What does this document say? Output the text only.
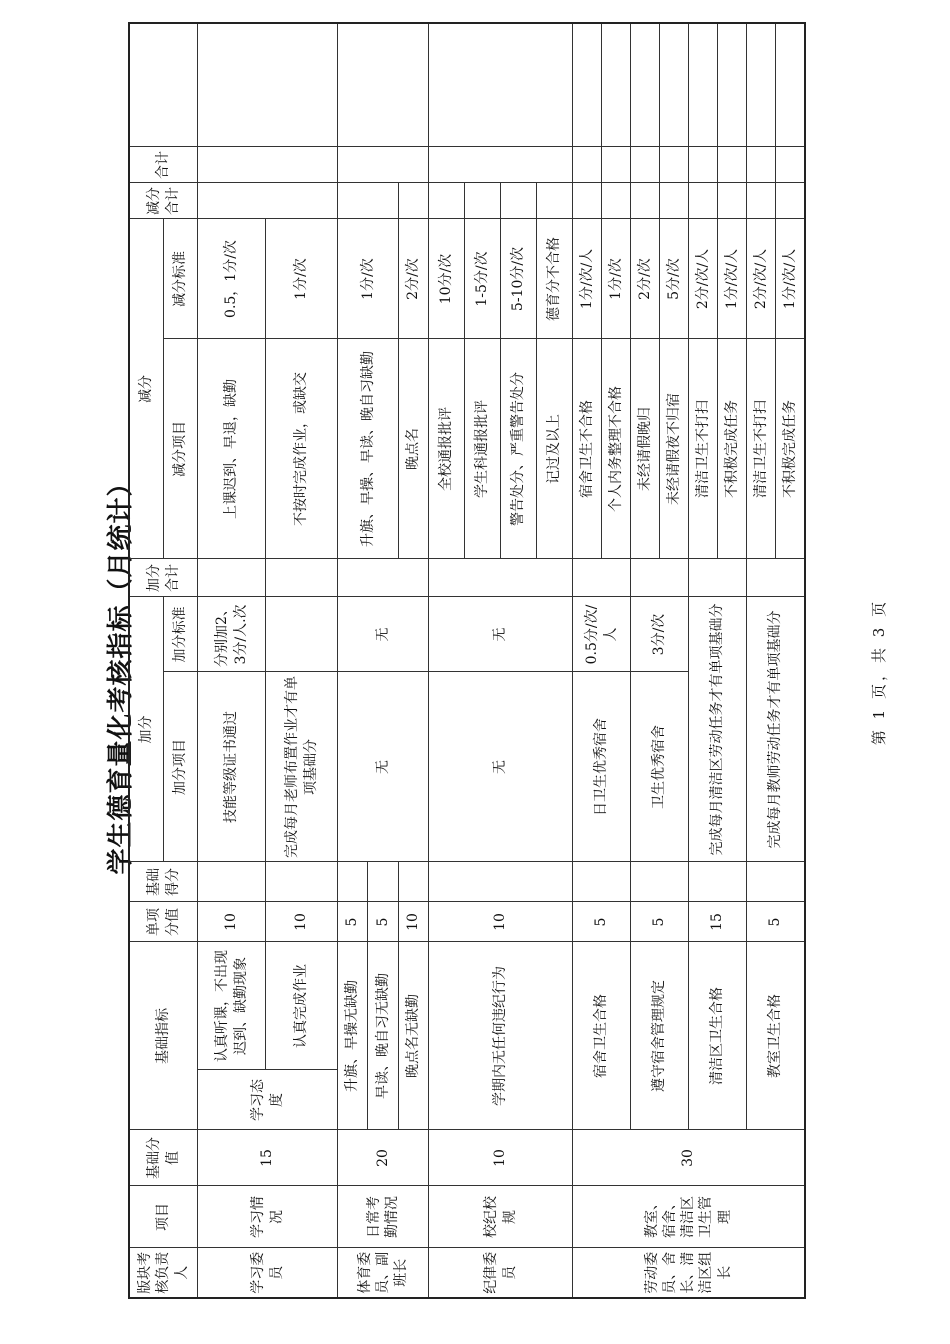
学生德育量化考核指标（月统计）
版块考核负责人	项目	基础分值	基础指标		单项分值	基础得分	加分		加分合计	减分		减分合计	合计	
							加分项目	加分标准		减分项目	减分标准			
学习委员	学习情况	15	学习态度	认真听课，不出现迟到、缺勤现象	10		技能等级证书通过	分别加2、3分/人.次		上课迟到、早退，缺勤	0.5，1分/次			
				认真完成作业	10		完成每月老师布置作业才有单项基础分			不按时完成作业，或缺交	1分/次			
体育委员、副班长	日常考勤情况	20	升旗、早操无缺勤		5		无	无		升旗、早操、早读、晚自习缺勤	1分/次			
			早读、晚自习无缺勤		5									
			晚点名无缺勤		10					晚点名	2分/次			
纪律委员	校纪校规	10	学期内无任何违纪行为		10		无	无		全校通报批评	10分/次			
										学生科通报批评	1-5分/次			
										警告处分、严重警告处分	5-10分/次			
										记过及以上	德育分不合格			
劳动委员、舍长、清洁区组长	教室、宿舍、清洁区卫生管理	30	宿舍卫生合格		5		日卫生优秀宿舍	0.5分/次/人		宿舍卫生不合格	1分/次/人			
										个人内务整理不合格	1分/次			
			遵守宿舍管理规定		5		卫生优秀宿舍	3分/次		未经请假晚归	2分/次			
										未经请假夜不归宿	5分/次			
			清洁区卫生合格		15		完成每月清洁区劳动任务才有单项基础分			清洁卫生不打扫	2分/次/人			
										不积极完成任务	1分/次/人			
			教室卫生合格		5		完成每月教师劳动任务才有单项基础分			清洁卫生不打扫	2分/次/人			
										不积极完成任务	1分/次/人			
第 1 页，共 3 页
